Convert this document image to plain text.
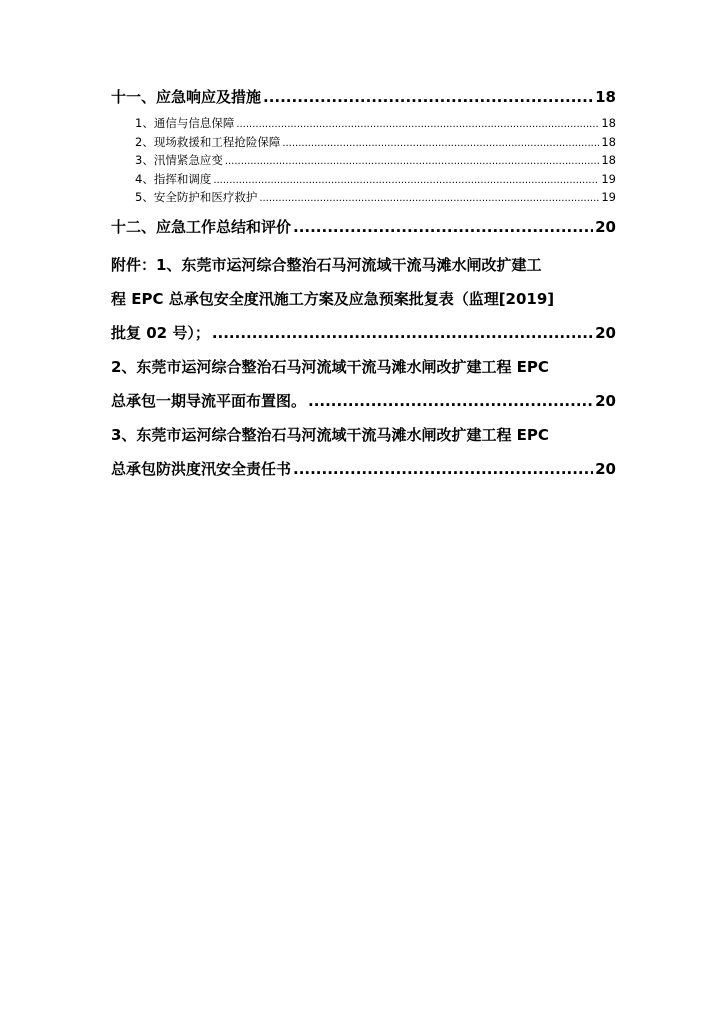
十一、应急响应及措施 .....	18
1、通信与信息保障 .....	18
2、现场救援和工程抢险保障 .....	18
3、汛情紧急应变 .....	18
4、指挥和调度 .....	19
5、安全防护和医疗救护 .....	19
十二、应急工作总结和评价 .....	20
附件：1、东莞市运河综合整治石马河流域干流马滩水闸改扩建工
程 EPC 总承包安全度汛施工方案及应急预案批复表（监理[2019]
批复 02 号）； .....	20
2、东莞市运河综合整治石马河流域干流马滩水闸改扩建工程 EPC
总承包一期导流平面布置图。 .....	20
3、东莞市运河综合整治石马河流域干流马滩水闸改扩建工程 EPC
总承包防洪度汛安全责任书 .....	20
